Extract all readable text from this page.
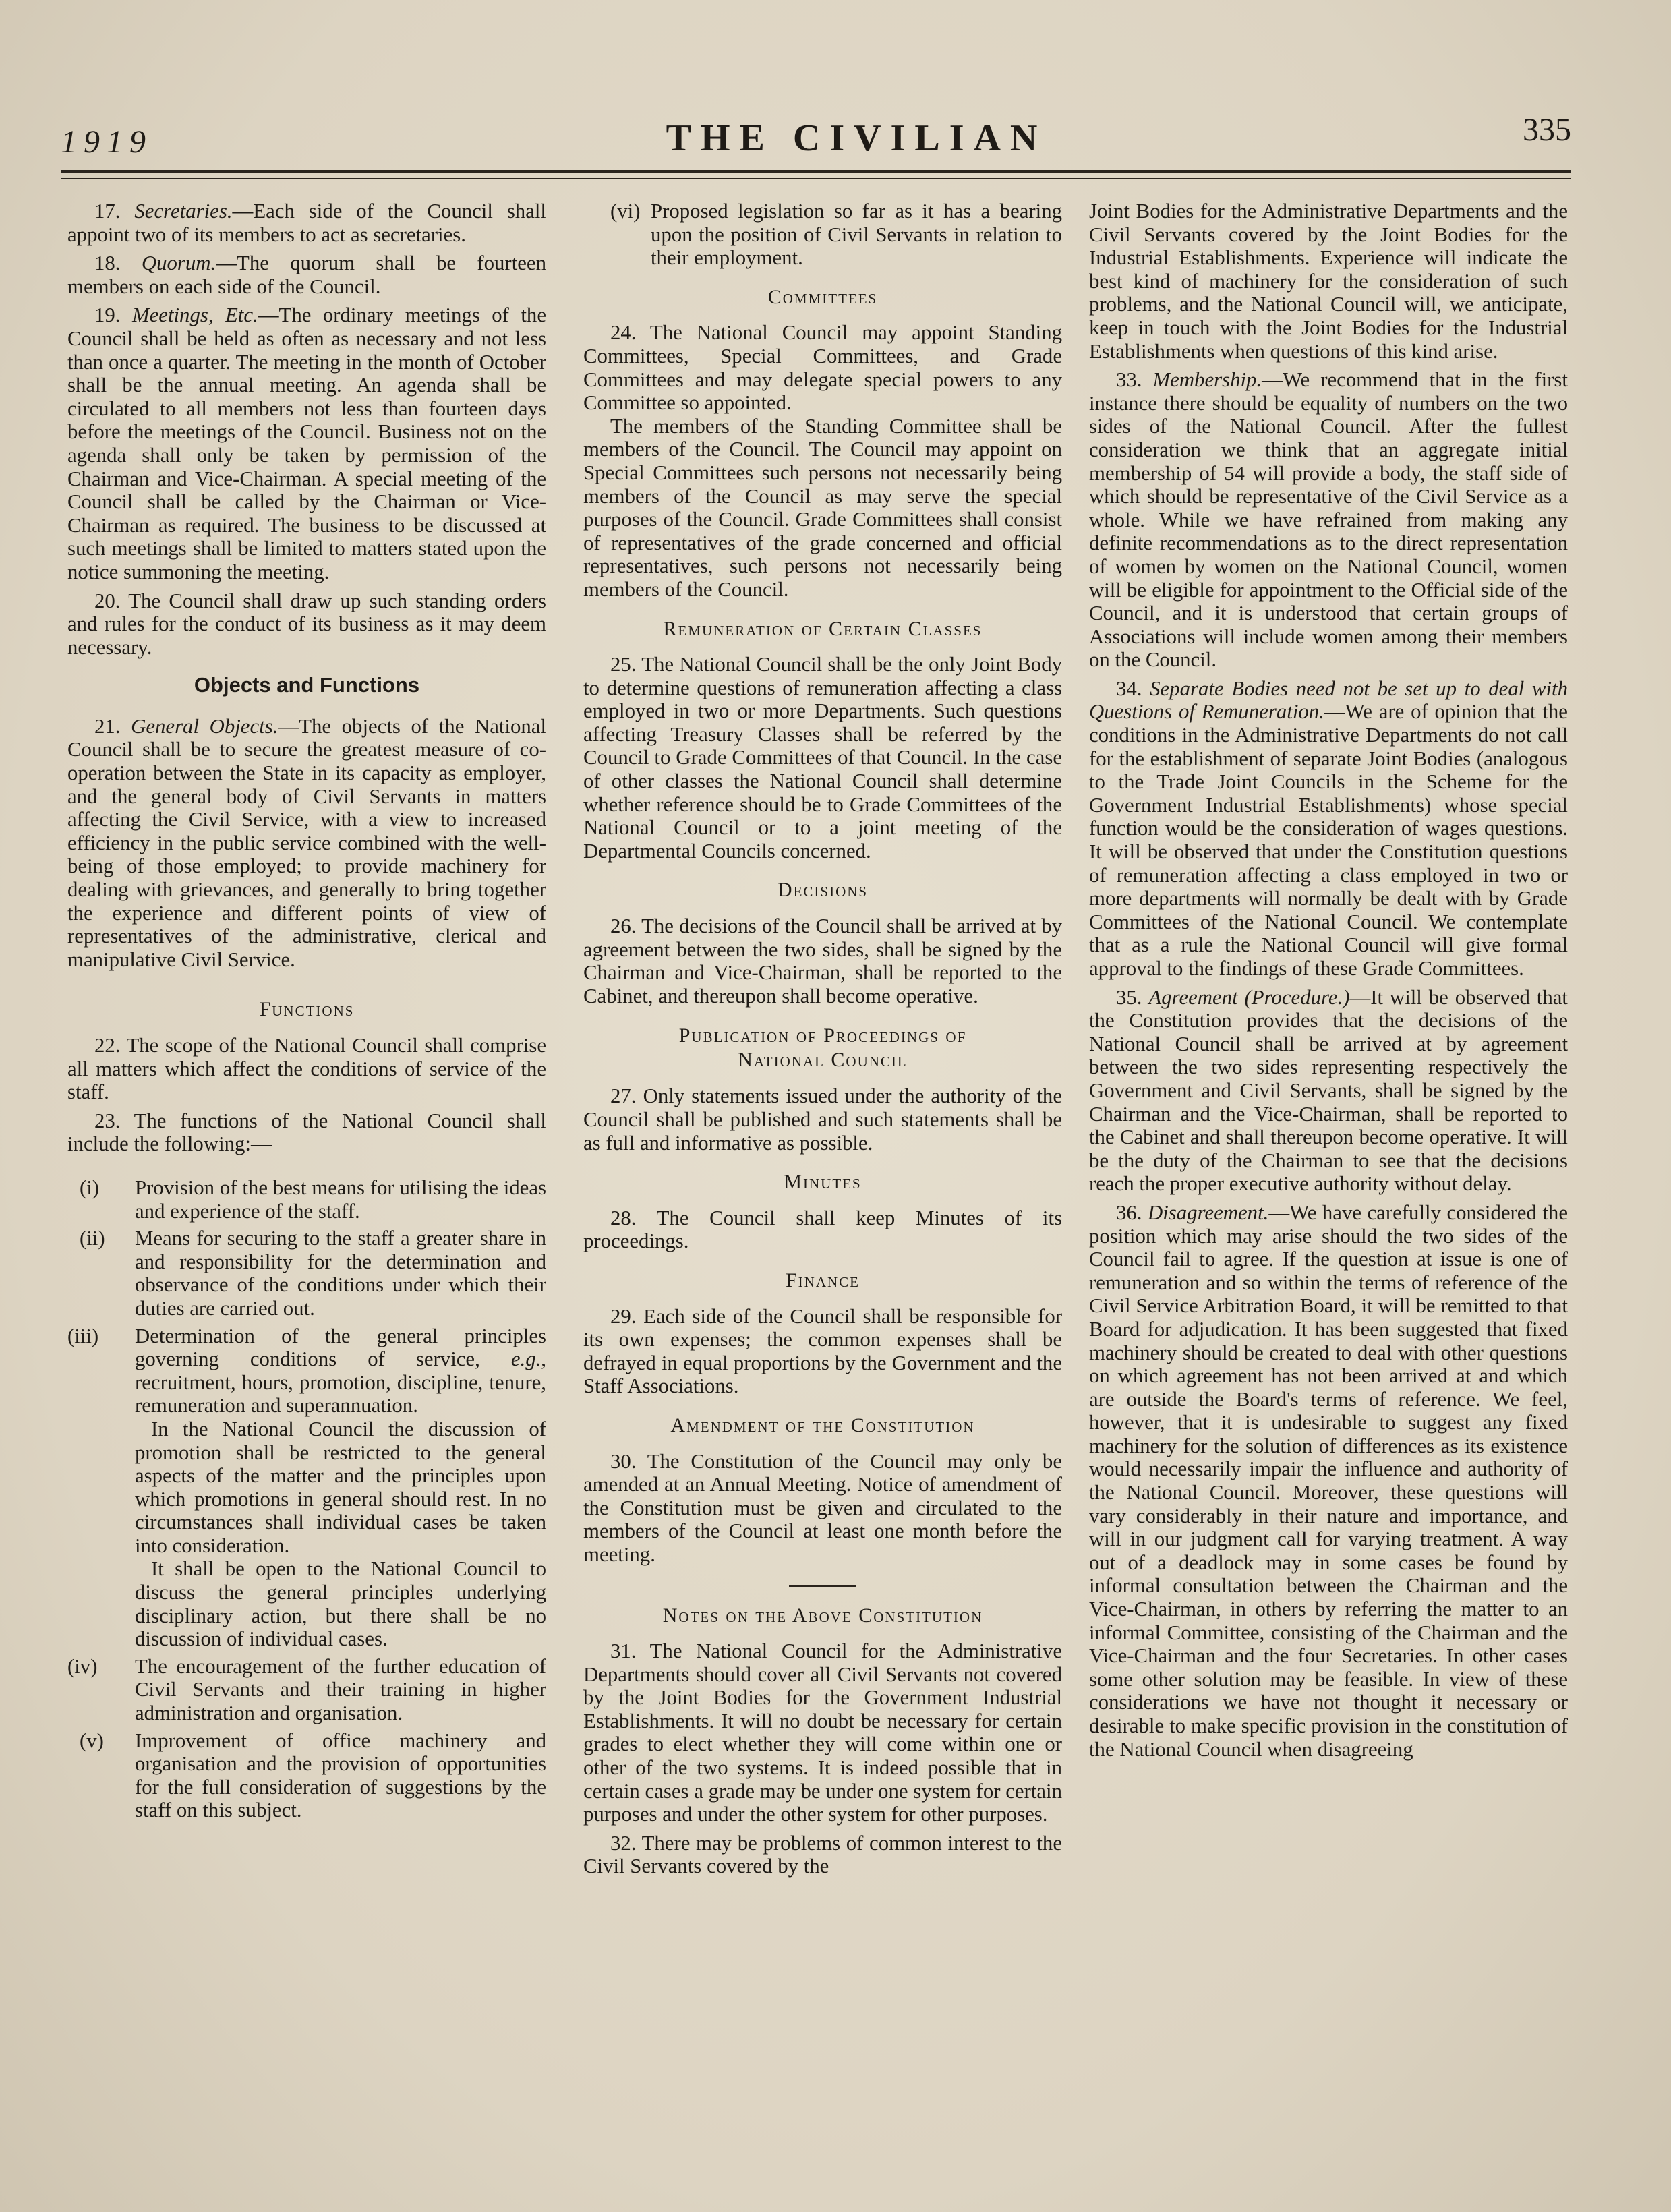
1919	THE CIVILIAN	335

17. Secretaries.—Each side of the Council shall appoint two of its members to act as secretaries.

18. Quorum.—The quorum shall be fourteen members on each side of the Council.

19. Meetings, Etc.—The ordinary meetings of the Council shall be held as often as necessary and not less than once a quarter. The meeting in the month of October shall be the annual meeting. An agenda shall be circulated to all members not less than fourteen days before the meetings of the Council. Business not on the agenda shall only be taken by permission of the Chairman and Vice-Chairman. A special meeting of the Council shall be called by the Chairman or Vice-Chairman as required. The business to be discussed at such meetings shall be limited to matters stated upon the notice summoning the meeting.

20. The Council shall draw up such standing orders and rules for the conduct of its business as it may deem necessary.

Objects and Functions

21. General Objects.—The objects of the National Council shall be to secure the greatest measure of co-operation between the State in its capacity as employer, and the general body of Civil Servants in matters affecting the Civil Service, with a view to increased efficiency in the public service combined with the well-being of those employed; to provide machinery for dealing with grievances, and generally to bring together the experience and different points of view of representatives of the administrative, clerical and manipulative Civil Service.

Functions

22. The scope of the National Council shall comprise all matters which affect the conditions of service of the staff.

23. The functions of the National Council shall include the following:—

(i)	Provision of the best means for utilising the ideas and experience of the staff.

(ii)	Means for securing to the staff a greater share in and responsibility for the determination and observance of the conditions under which their duties are carried out.

(iii)	Determination of the general principles governing conditions of service, e.g., recruitment, hours, promotion, discipline, tenure, remuneration and superannuation.

In the National Council the discussion of promotion shall be restricted to the general aspects of the matter and the principles upon which promotions in general should rest. In no circumstances shall individual cases be taken into consideration.

It shall be open to the National Council to discuss the general principles underlying disciplinary action, but there shall be no discussion of individual cases.

(iv)	The encouragement of the further education of Civil Servants and their training in higher administration and organisation.

(v)	Improvement of office machinery and organisation and the provision of opportunities for the full consideration of suggestions by the staff on this subject.

(vi) Proposed legislation so far as it has a bearing upon the position of Civil Servants in relation to their employment.

Committees

24. The National Council may appoint Standing Committees, Special Committees, and Grade Committees and may delegate special powers to any Committee so appointed.

The members of the Standing Committee shall be members of the Council. The Council may appoint on Special Committees such persons not necessarily being members of the Council as may serve the special purposes of the Council. Grade Committees shall consist of representatives of the grade concerned and official representatives, such persons not necessarily being members of the Council.

Remuneration of Certain Classes

25. The National Council shall be the only Joint Body to determine questions of remuneration affecting a class employed in two or more Departments. Such questions affecting Treasury Classes shall be referred by the Council to Grade Committees of that Council. In the case of other classes the National Council shall determine whether reference should be to Grade Committees of the National Council or to a joint meeting of the Departmental Councils concerned.

Decisions

26. The decisions of the Council shall be arrived at by agreement between the two sides, shall be signed by the Chairman and Vice-Chairman, shall be reported to the Cabinet, and thereupon shall become operative.

Publication of Proceedings of
National Council

27. Only statements issued under the authority of the Council shall be published and such statements shall be as full and informative as possible.

Minutes

28. The Council shall keep Minutes of its proceedings.

Finance

29. Each side of the Council shall be responsible for its own expenses; the common expenses shall be defrayed in equal proportions by the Government and the Staff Associations.

Amendment of the Constitution

30. The Constitution of the Council may only be amended at an Annual Meeting. Notice of amendment of the Constitution must be given and circulated to the members of the Council at least one month before the meeting.

Notes on the Above Constitution

31. The National Council for the Administrative Departments should cover all Civil Servants not covered by the Joint Bodies for the Government Industrial Establishments. It will no doubt be necessary for certain grades to elect whether they will come within one or other of the two systems. It is indeed possible that in certain cases a grade may be under one system for certain purposes and under the other system for other purposes.

32. There may be problems of common interest to the Civil Servants covered by the

Joint Bodies for the Administrative Departments and the Civil Servants covered by the Joint Bodies for the Industrial Establishments. Experience will indicate the best kind of machinery for the consideration of such problems, and the National Council will, we anticipate, keep in touch with the Joint Bodies for the Industrial Establishments when questions of this kind arise.

33. Membership.—We recommend that in the first instance there should be equality of numbers on the two sides of the National Council. After the fullest consideration we think that an aggregate initial membership of 54 will provide a body, the staff side of which should be representative of the Civil Service as a whole. While we have refrained from making any definite recommendations as to the direct representation of women by women on the National Council, women will be eligible for appointment to the Official side of the Council, and it is understood that certain groups of Associations will include women among their members on the Council.

34. Separate Bodies need not be set up to deal with Questions of Remuneration.—We are of opinion that the conditions in the Administrative Departments do not call for the establishment of separate Joint Bodies (analogous to the Trade Joint Councils in the Scheme for the Government Industrial Establishments) whose special function would be the consideration of wages questions. It will be observed that under the Constitution questions of remuneration affecting a class employed in two or more departments will normally be dealt with by Grade Committees of the National Council. We contemplate that as a rule the National Council will give formal approval to the findings of these Grade Committees.

35. Agreement (Procedure.)—It will be observed that the Constitution provides that the decisions of the National Council shall be arrived at by agreement between the two sides representing respectively the Government and Civil Servants, shall be signed by the Chairman and the Vice-Chairman, shall be reported to the Cabinet and shall thereupon become operative. It will be the duty of the Chairman to see that the decisions reach the proper executive authority without delay.

36. Disagreement.—We have carefully considered the position which may arise should the two sides of the Council fail to agree. If the question at issue is one of remuneration and so within the terms of reference of the Civil Service Arbitration Board, it will be remitted to that Board for adjudication. It has been suggested that fixed machinery should be created to deal with other questions on which agreement has not been arrived at and which are outside the Board's terms of reference. We feel, however, that it is undesirable to suggest any fixed machinery for the solution of differences as its existence would necessarily impair the influence and authority of the National Council. Moreover, these questions will vary considerably in their nature and importance, and will in our judgment call for varying treatment. A way out of a deadlock may in some cases be found by informal consultation between the Chairman and the Vice-Chairman, in others by referring the matter to an informal Committee, consisting of the Chairman and the Vice-Chairman and the four Secretaries. In other cases some other solution may be feasible. In view of these considerations we have not thought it necessary or desirable to make specific provision in the constitution of the National Council when disagreeing
